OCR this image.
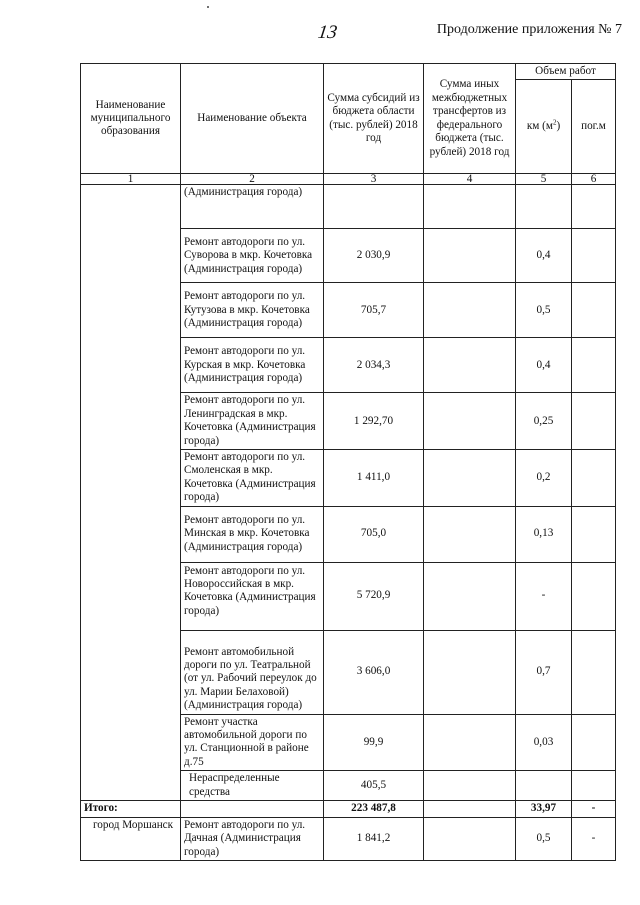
13	Продолжение приложения № 7
Наименование муниципального образования	Наименование объекта	Сумма субсидий из бюджета области (тыс. рублей) 2018 год	Сумма иных межбюджетных трансфертов из федерального бюджета (тыс. рублей) 2018 год	Объем работ	
				км $(м^2)$	пог.м
1	2	3	4	5	6
	(Администрация города)				
	Ремонт автодороги по ул. Суворова в мкр. Кочетовка (Администрация города)	2 030,9		0,4	
	Ремонт автодороги по ул. Кутузова в мкр. Кочетовка (Администрация города)	705,7		0,5	
	Ремонт автодороги по ул. Курская в мкр. Кочетовка (Администрация города)	2 034,3		0,4	
	Ремонт автодороги по ул. Ленинградская в мкр. Кочетовка (Администрация города)	1 292,70		0,25	
	Ремонт автодороги по ул. Смоленская в мкр. Кочетовка (Администрация города)	1 411,0		0,2	
	Ремонт автодороги по ул. Минская в мкр. Кочетовка (Администрация города)	705,0		0,13	
	Ремонт автодороги по ул. Новороссийская в мкр. Кочетовка (Администрация города)	5 720,9		-	
	Ремонт автомобильной дороги по ул. Театральной (от ул. Рабочий переулок до ул. Марии Белаховой) (Администрация города)	3 606,0		0,7	
	Ремонт участка автомобильной дороги по ул. Станционной в районе д.75	99,9		0,03	
	Нераспределенные средства	405,5			
Итого:		223 487,8		33,97	-
город Моршанск	Ремонт автодороги по ул. Дачная (Администрация города)	1 841,2		0,5	-
